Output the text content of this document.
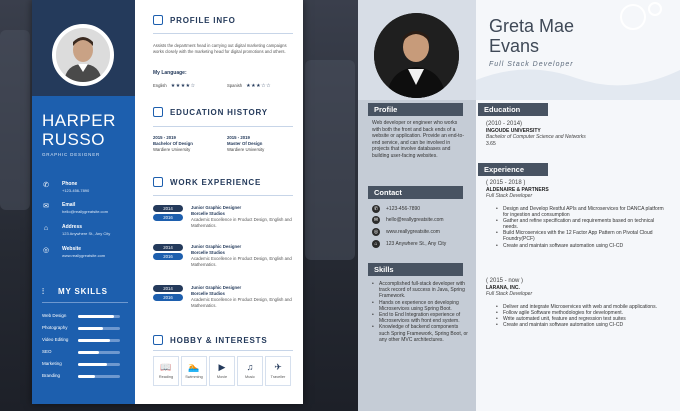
HARPER
RUSSO
GRAPHIC DESIGNER
✆	Phone
+123-456-7890
✉	Email
hello@reallygreatsite.com
⌂	Address
123 Anywhere St., Any City
◎	Website
www.reallygreatsite.com
⫶ MY SKILLS
Web Design
Photography
Video Editing
SEO
Marketing
Branding
PROFILE INFO
Assists the department head in carrying out digital marketing campaigns works closely with the marketing head for digital promotions and others.
My Language:
English ★★★★☆	Spanish ★★★☆☆
EDUCATION HISTORY
2015 - 2019
Bachelor Of Design
Wardiere University
2015 - 2019
Master Of Design
Wardiere University
WORK EXPERIENCE
2014
2016
Junior Graphic Designer
Borcelle Studios
Academic Excellence in Product Design, English and Mathematics.
2014
2016
Junior Graphic Designer
Borcelle Studios
Academic Excellence in Product Design, English and Mathematics.
2014
2016
Junior Graphic Designer
Borcelle Studios
Academic Excellence in Product Design, English and Mathematics.
HOBBY & INTERESTS
📖
Reading
🏊
Swimming
▶
Movie
♫
Music
✈
Traveller
Greta Mae
Evans
Full Stack Developer
Profile
Web developer or engineer who works with both the front and back ends of a website or application. Provide an end-to-end service, and can be involved in projects that involve databases and building user-facing websites.
Contact
✆	+123-456-7890
✉	hello@reallygreatsite.com
◎	www.reallygreatsite.com
⌂	123 Anywhere St., Any City
Skills
• Accomplished full-stack developer with track record of success in Java, Spring Framework.
• Hands on experience on developing Microservices using Spring Boot.
• End to End Integration experience of Microservices with front end system.
• Knowledge of backend components such Spring Framework, Spring Boot, or any other MVC architectures.
Education
(2010 - 2014)
INGOUDE UNIVERSITY
Bachelor of Computer Science and Networks
3.65
Experience
( 2015 - 2018 )
ALDENAIRE & PARTNERS
Full Stack Developer
• Design and Develop Restful APIs and Microservices for DANCA platform for ingestion and consumption
• Gather and refine specification and requirements based on technical needs.
• Build Microservices with the 12 Factor App Pattern on Pivotal Cloud Foundry(PCF)
• Create and maintain software automation using CI-CD
( 2015 - now )
LARANA, INC.
Full Stack Developer
• Deliver and integrate Microservices with web and mobile applications.
• Follow agile Software methodologies for development.
• Write automated unit, feature and regression test suites
• Create and maintain software automation using CI-CD
